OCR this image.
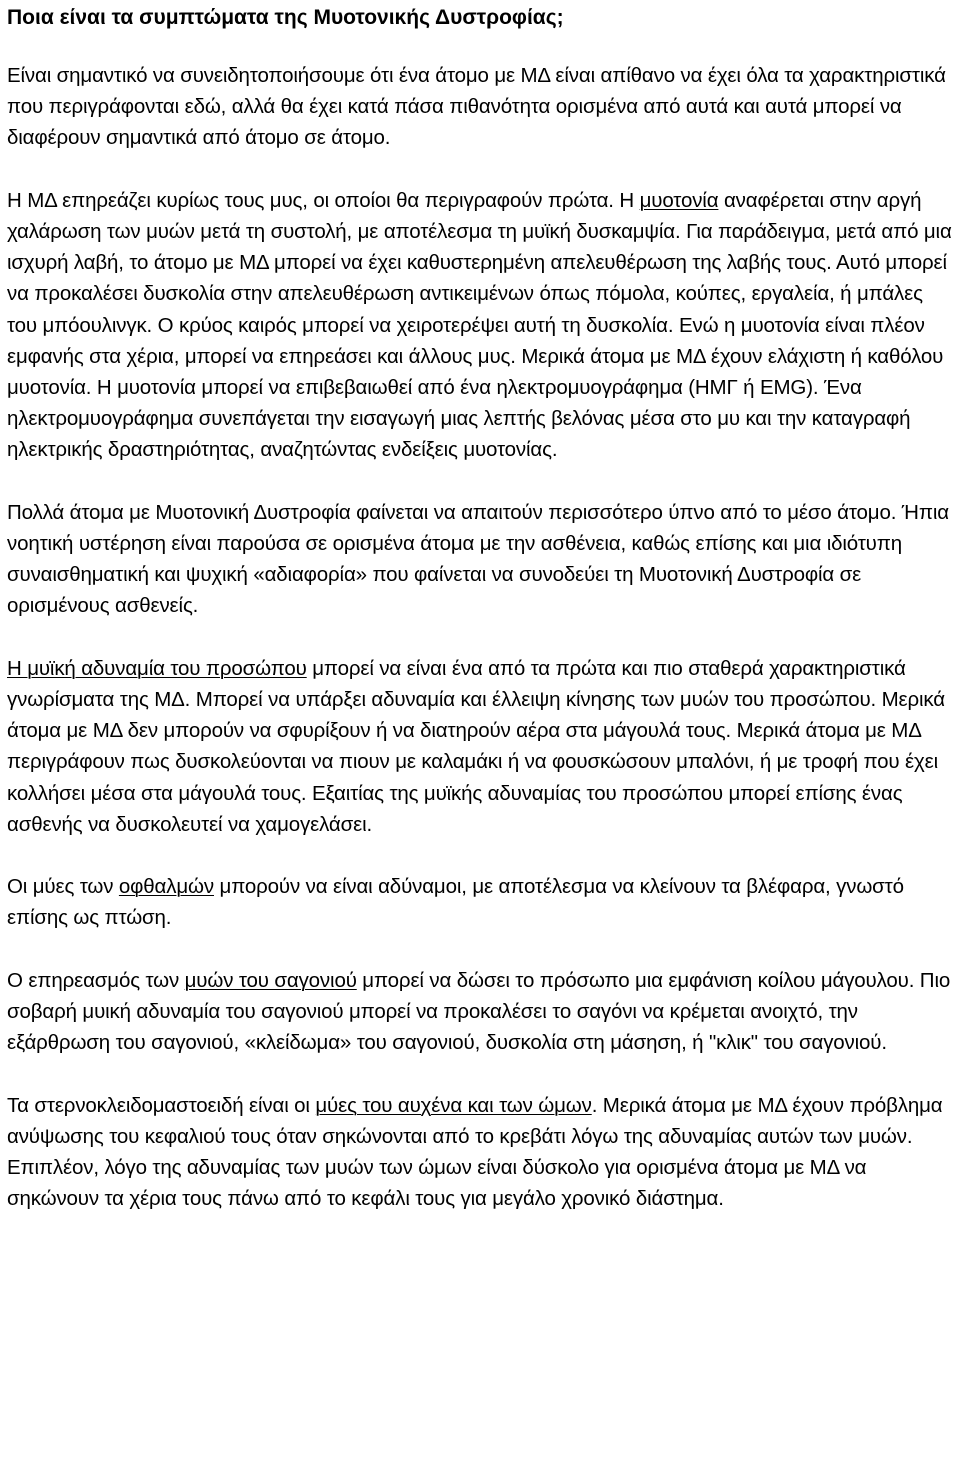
Ποια είναι τα συμπτώματα της Μυοτονικής Δυστροφίας;

Είναι σημαντικό να συνειδητοποιήσουμε ότι ένα άτομο με ΜΔ είναι απίθανο να έχει όλα τα χαρακτηριστικά που περιγράφονται εδώ, αλλά θα έχει κατά πάσα πιθανότητα ορισμένα από αυτά και αυτά μπορεί να διαφέρουν σημαντικά από άτομο σε άτομο.

Η ΜΔ επηρεάζει κυρίως τους μυς, οι οποίοι θα περιγραφούν πρώτα. Η μυοτονία αναφέρεται στην αργή χαλάρωση των μυών μετά τη συστολή, με αποτέλεσμα τη μυϊκή δυσκαμψία. Για παράδειγμα, μετά από μια ισχυρή λαβή, το άτομο με ΜΔ μπορεί να έχει καθυστερημένη απελευθέρωση της λαβής τους. Αυτό μπορεί να προκαλέσει δυσκολία στην απελευθέρωση αντικειμένων όπως πόμολα, κούπες, εργαλεία, ή μπάλες του μπόουλινγκ. Ο κρύος καιρός μπορεί να χειροτερέψει αυτή τη δυσκολία. Ενώ η μυοτονία είναι πλέον εμφανής στα χέρια, μπορεί να επηρεάσει και άλλους μυς. Μερικά άτομα με ΜΔ έχουν ελάχιστη ή καθόλου μυοτονία. Η μυοτονία μπορεί να επιβεβαιωθεί από ένα ηλεκτρομυογράφημα (ΗΜΓ ή EMG). Ένα ηλεκτρομυογράφημα συνεπάγεται την εισαγωγή μιας λεπτής βελόνας μέσα στο μυ και την καταγραφή ηλεκτρικής δραστηριότητας, αναζητώντας ενδείξεις μυοτονίας.

Πολλά άτομα με Μυοτονική Δυστροφία φαίνεται να απαιτούν περισσότερο ύπνο από το μέσο άτομο. Ήπια νοητική υστέρηση είναι παρούσα σε ορισμένα άτομα με την ασθένεια, καθώς επίσης και μια ιδιότυπη συναισθηματική και ψυχική «αδιαφορία» που φαίνεται να συνοδεύει τη Μυοτονική Δυστροφία σε ορισμένους ασθενείς.

Η μυϊκή αδυναμία του προσώπου μπορεί να είναι ένα από τα πρώτα και πιο σταθερά χαρακτηριστικά γνωρίσματα της ΜΔ. Μπορεί να υπάρξει αδυναμία και έλλειψη κίνησης των μυών του προσώπου. Μερικά άτομα με ΜΔ δεν μπορούν να σφυρίξουν ή να διατηρούν αέρα στα μάγουλά τους. Μερικά άτομα με ΜΔ περιγράφουν πως δυσκολεύονται να πιουν με καλαμάκι ή να φουσκώσουν μπαλόνι, ή με τροφή που έχει κολλήσει μέσα στα μάγουλά τους. Εξαιτίας της μυϊκής αδυναμίας του προσώπου μπορεί επίσης ένας ασθενής να δυσκολευτεί να χαμογελάσει.

Οι μύες των οφθαλμών μπορούν να είναι αδύναμοι, με αποτέλεσμα να κλείνουν τα βλέφαρα, γνωστό επίσης ως πτώση.

Ο επηρεασμός των μυών του σαγονιού μπορεί να δώσει το πρόσωπο μια εμφάνιση κοίλου μάγουλου. Πιο σοβαρή μυική αδυναμία του σαγονιού μπορεί να προκαλέσει το σαγόνι να κρέμεται ανοιχτό, την εξάρθρωση του σαγονιού, «κλείδωμα» του σαγονιού, δυσκολία στη μάσηση, ή "κλικ" του σαγονιού.

Τα στερνοκλειδομαστοειδή είναι οι μύες του αυχένα και των ώμων. Μερικά άτομα με ΜΔ έχουν πρόβλημα ανύψωσης του κεφαλιού τους όταν σηκώνονται από το κρεβάτι λόγω της αδυναμίας αυτών των μυών. Επιπλέον, λόγο της αδυναμίας των μυών των ώμων είναι δύσκολο για ορισμένα άτομα με ΜΔ να σηκώνουν τα χέρια τους πάνω από το κεφάλι τους για μεγάλο χρονικό διάστημα.
